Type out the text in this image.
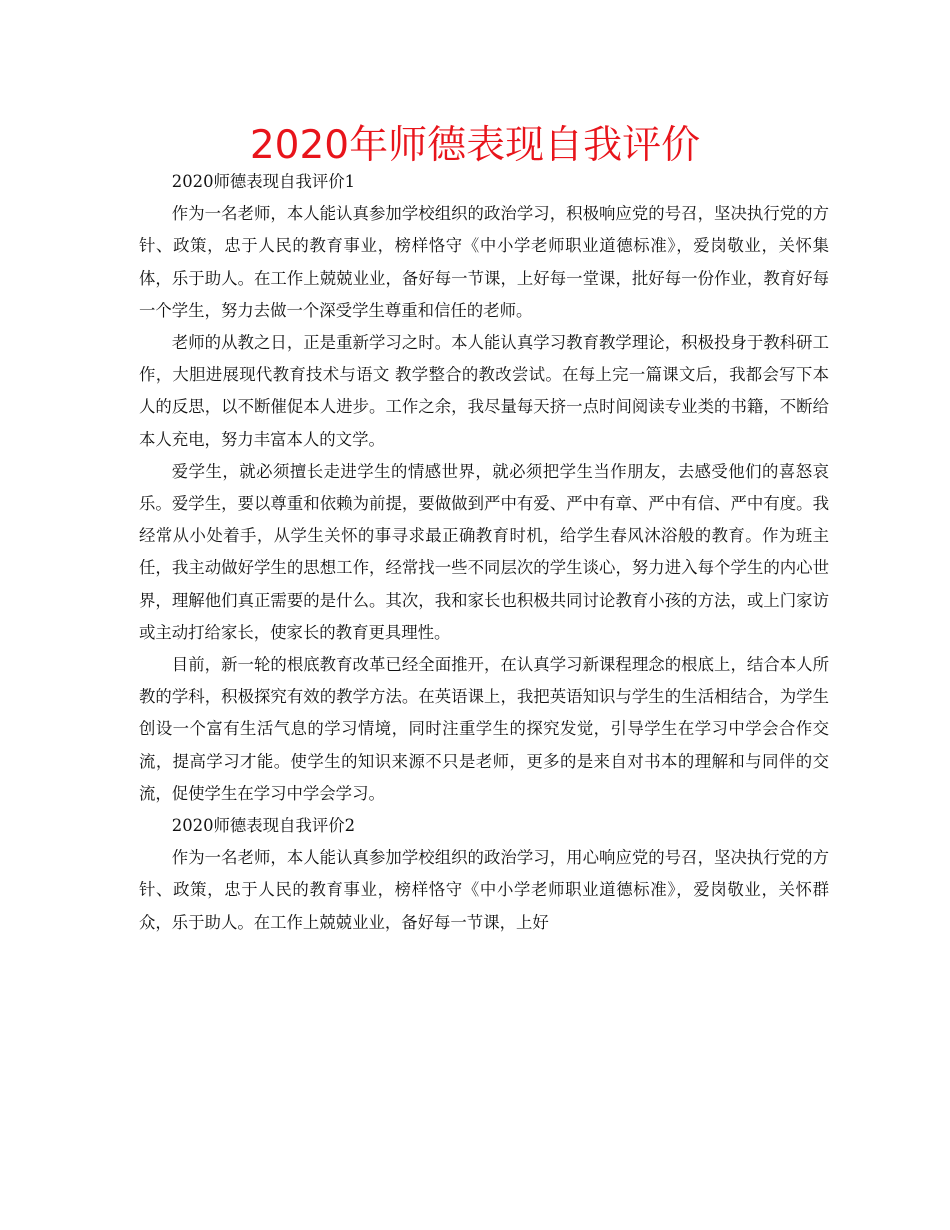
2020年师德表现自我评价

2020师德表现自我评价1

作为一名老师，本人能认真参加学校组织的政治学习，积极响应党的号召，坚决执行党的方针、政策，忠于人民的教育事业，榜样恪守《中小学老师职业道德标准》，爱岗敬业，关怀集体，乐于助人。在工作上兢兢业业，备好每一节课，上好每一堂课，批好每一份作业，教育好每一个学生，努力去做一个深受学生尊重和信任的老师。

老师的从教之日，正是重新学习之时。本人能认真学习教育教学理论，积极投身于教科研工作，大胆进展现代教育技术与语文 教学整合的教改尝试。在每上完一篇课文后，我都会写下本人的反思，以不断催促本人进步。工作之余，我尽量每天挤一点时间阅读专业类的书籍，不断给本人充电，努力丰富本人的文学。

爱学生，就必须擅长走进学生的情感世界，就必须把学生当作朋友，去感受他们的喜怒哀乐。爱学生，要以尊重和依赖为前提，要做做到严中有爱、严中有章、严中有信、严中有度。我经常从小处着手，从学生关怀的事寻求最正确教育时机，给学生春风沐浴般的教育。作为班主任，我主动做好学生的思想工作，经常找一些不同层次的学生谈心，努力进入每个学生的内心世界，理解他们真正需要的是什么。其次，我和家长也积极共同讨论教育小孩的方法，或上门家访或主动打给家长，使家长的教育更具理性。

目前，新一轮的根底教育改革已经全面推开，在认真学习新课程理念的根底上，结合本人所教的学科，积极探究有效的教学方法。在英语课上，我把英语知识与学生的生活相结合，为学生创设一个富有生活气息的学习情境，同时注重学生的探究发觉，引导学生在学习中学会合作交流，提高学习才能。使学生的知识来源不只是老师，更多的是来自对书本的理解和与同伴的交流，促使学生在学习中学会学习。

2020师德表现自我评价2

作为一名老师，本人能认真参加学校组织的政治学习，用心响应党的号召，坚决执行党的方针、政策，忠于人民的教育事业，榜样恪守《中小学老师职业道德标准》，爱岗敬业，关怀群众，乐于助人。在工作上兢兢业业，备好每一节课，上好
